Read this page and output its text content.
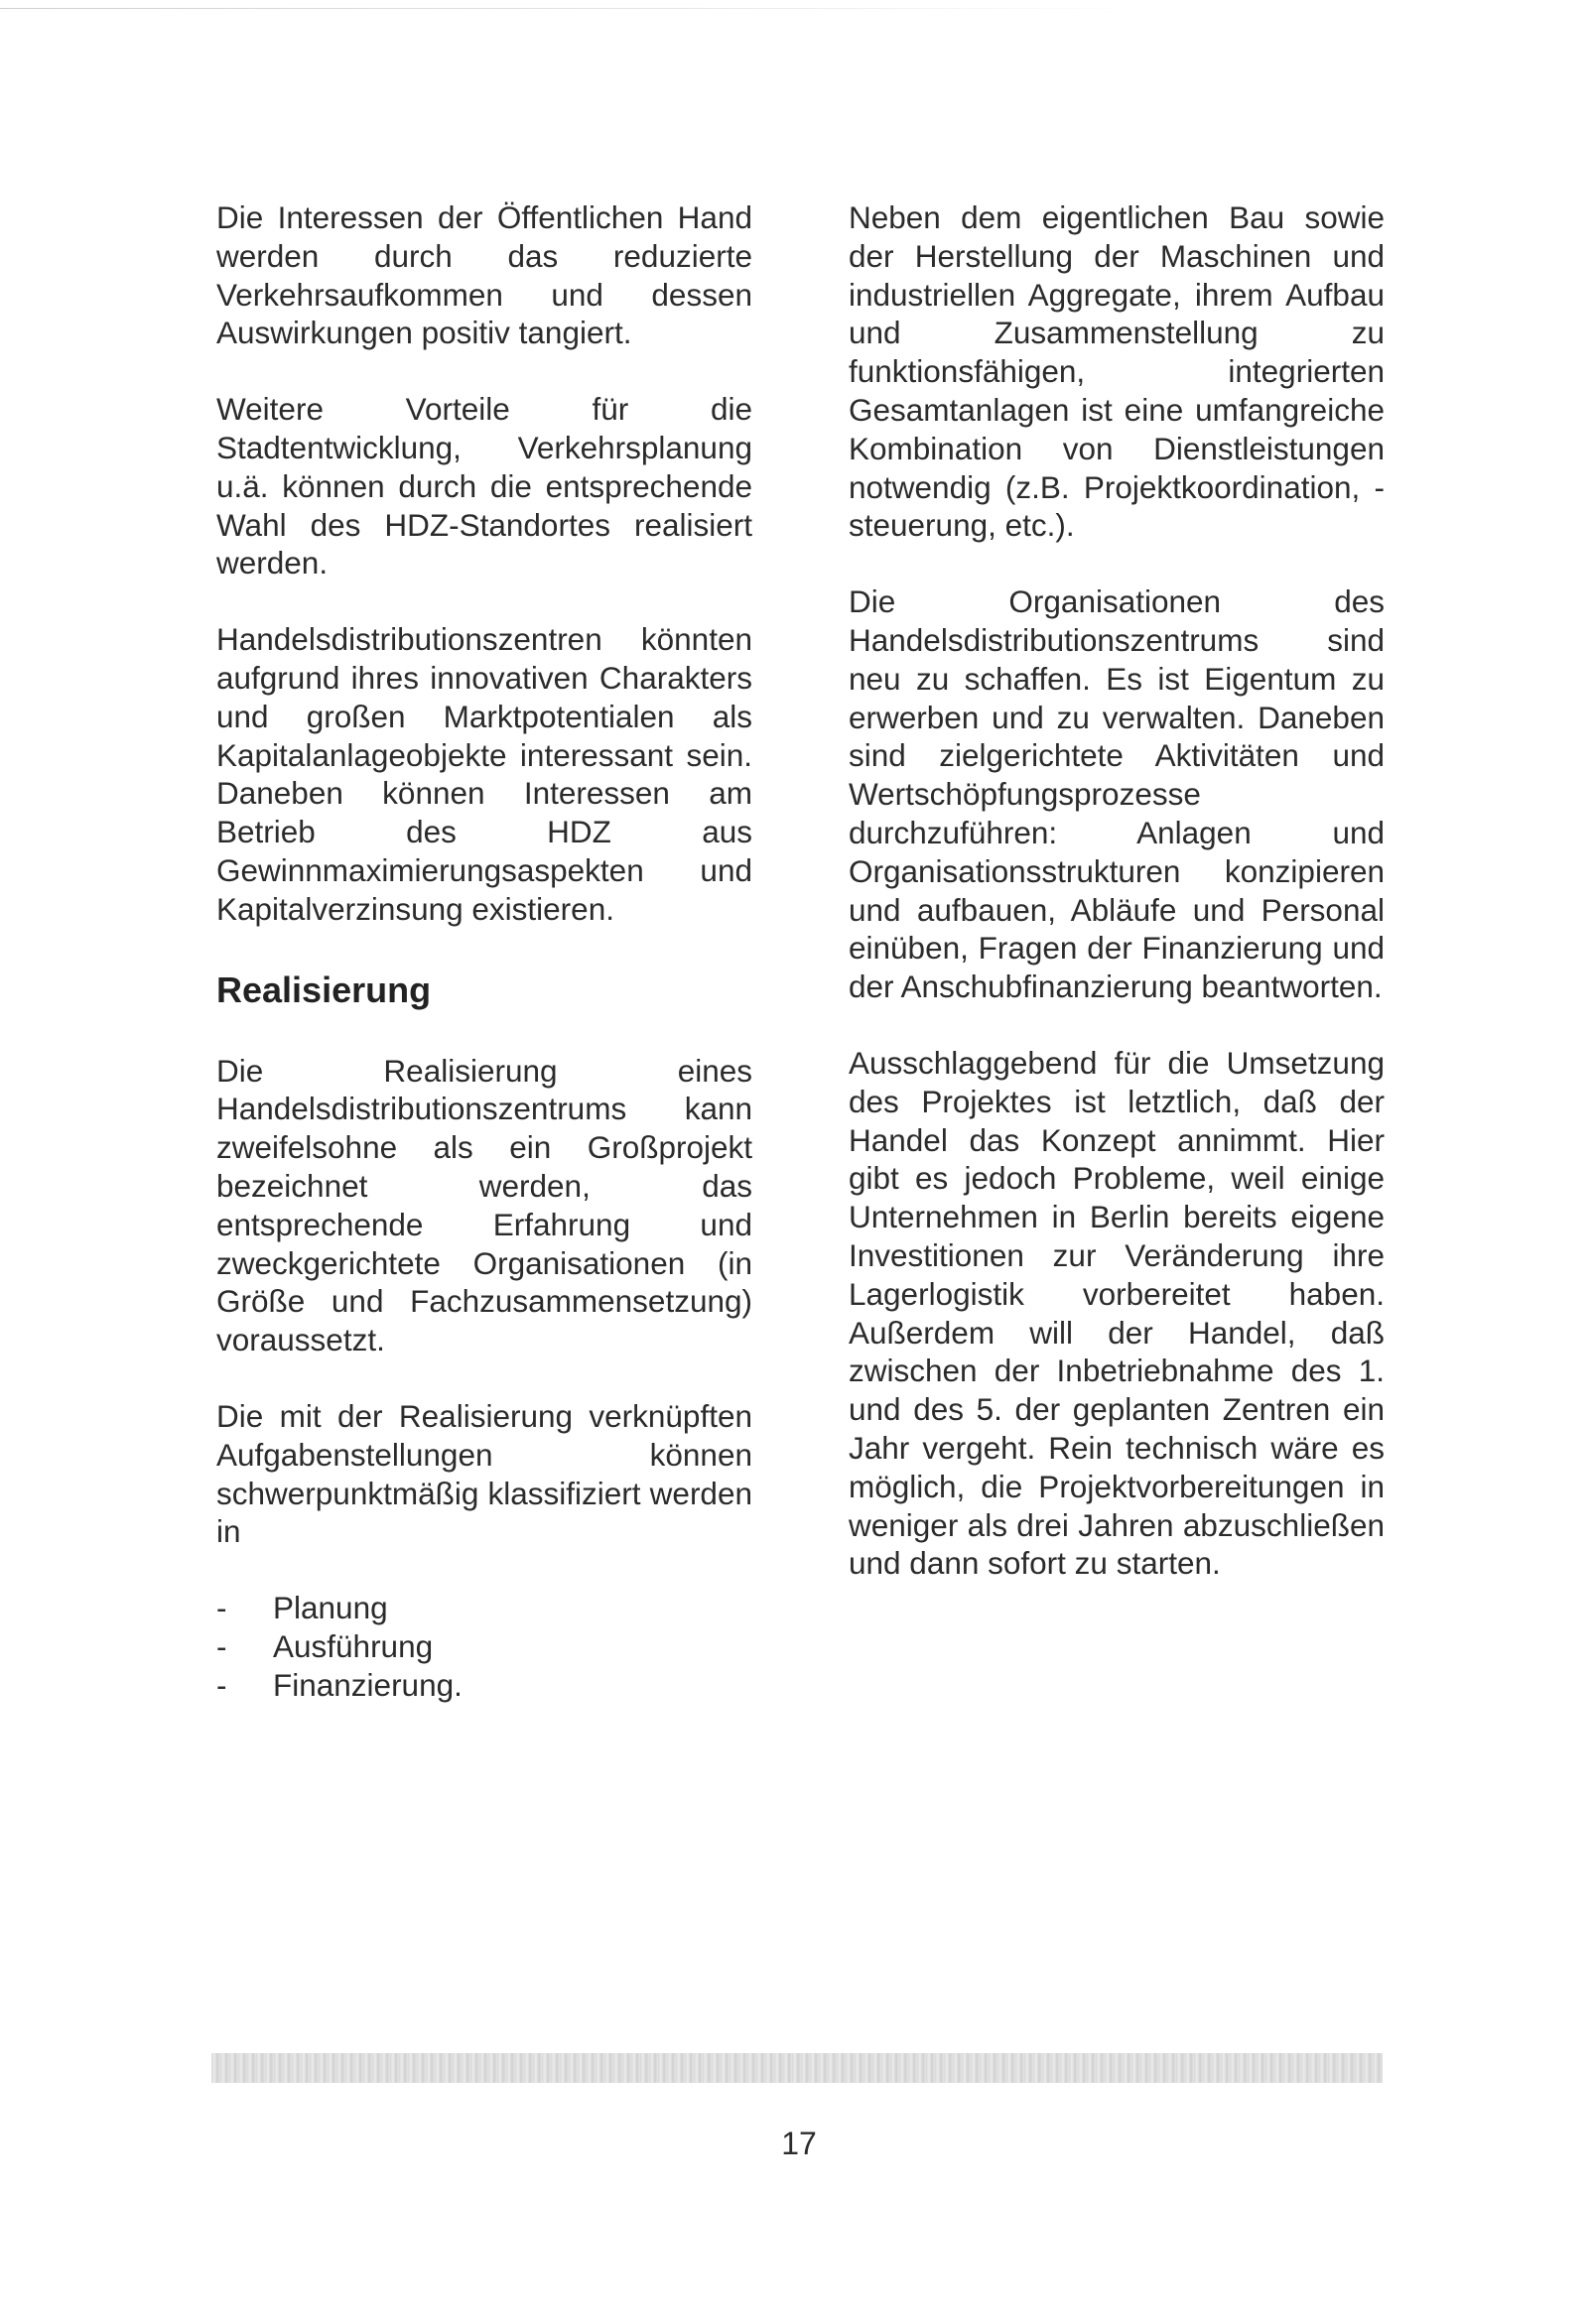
Die Interessen der Öffentlichen Hand werden durch das reduzierte Verkehrsaufkommen und dessen Auswirkungen positiv tangiert.

Weitere Vorteile für die Stadtentwicklung, Verkehrsplanung u.ä. können durch die entsprechende Wahl des HDZ-Standortes realisiert werden.

Handelsdistributionszentren könnten aufgrund ihres innovativen Charakters und großen Marktpotentialen als Kapitalanlageobjekte interessant sein. Daneben können Interessen am Betrieb des HDZ aus Gewinnmaximierungsaspekten und Kapitalverzinsung existieren.

Realisierung

Die Realisierung eines Handelsdistributionszentrums kann zweifelsohne als ein Großprojekt bezeichnet werden, das entsprechende Erfahrung und zweckgerichtete Organisationen (in Größe und Fachzusammensetzung) voraussetzt.

Die mit der Realisierung verknüpften Aufgabenstellungen können schwerpunktmäßig klassifiziert werden in

- Planung
- Ausführung
- Finanzierung.

Neben dem eigentlichen Bau sowie der Herstellung der Maschinen und industriellen Aggregate, ihrem Aufbau und Zusammenstellung zu funktionsfähigen, integrierten Gesamtanlagen ist eine umfangreiche Kombination von Dienstleistungen notwendig (z.B. Projektkoordination, -steuerung, etc.).

Die Organisationen des Handelsdistributionszentrums sind neu zu schaffen. Es ist Eigentum zu erwerben und zu verwalten. Daneben sind zielgerichtete Aktivitäten und Wertschöpfungsprozesse durchzuführen: Anlagen und Organisationsstrukturen konzipieren und aufbauen, Abläufe und Personal einüben, Fragen der Finanzierung und der Anschubfinanzierung beantworten.

Ausschlaggebend für die Umsetzung des Projektes ist letztlich, daß der Handel das Konzept annimmt. Hier gibt es jedoch Probleme, weil einige Unternehmen in Berlin bereits eigene Investitionen zur Veränderung ihre Lagerlogistik vorbereitet haben. Außerdem will der Handel, daß zwischen der Inbetriebnahme des 1. und des 5. der geplanten Zentren ein Jahr vergeht. Rein technisch wäre es möglich, die Projektvorbereitungen in weniger als drei Jahren abzuschließen und dann sofort zu starten.

17
